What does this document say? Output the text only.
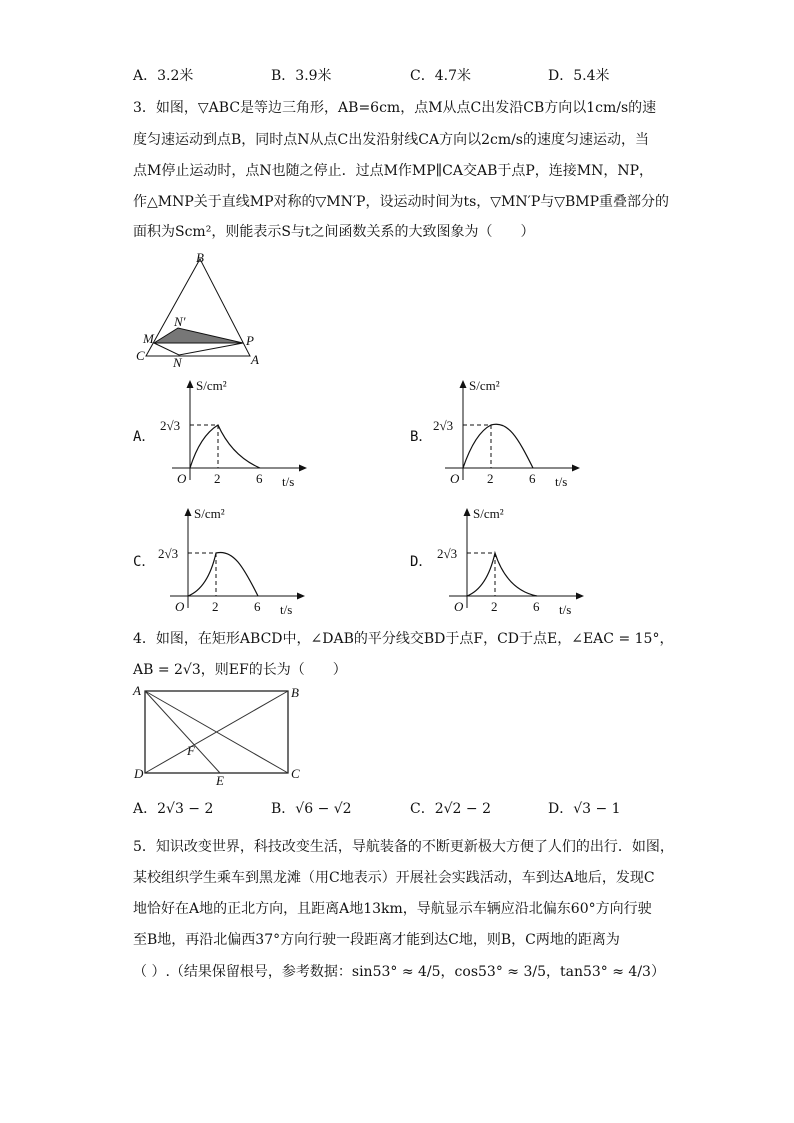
A．3.2米	B．3.9米	C．4.7米	D．5.4米
3．如图，▽ABC是等边三角形，AB=6cm，点M从点C出发沿CB方向以1cm/s的速
度匀速运动到点B，同时点N从点C出发沿射线CA方向以2cm/s的速度匀速运动，当
点M停止运动时，点N也随之停止．过点M作MP∥CA交AB于点P，连接MN，NP，
作△MNP关于直线MP对称的▽MN′P，设运动时间为ts，▽MN′P与▽BMP重叠部分的
面积为Scm²，则能表示S与t之间函数关系的大致图象为（　　）
B
C	A
M	P
N
N′
A．	B．
C．	D．
S/cm²
2√3
O 2	6 t/s
S/cm²
2√3
O 2	6 t/s
S/cm²
2√3
O 2	6 t/s
S/cm²
2√3
O 2	6 t/s
4．如图，在矩形ABCD中，∠DAB的平分线交BD于点F，CD于点E，∠EAC = 15°，
AB = 2√3，则EF的长为（　　）
A	B
C
D	E
F
A．2√3 − 2	B．√6 − √2	C．2√2 − 2	D．√3 − 1
5．知识改变世界，科技改变生活，导航装备的不断更新极大方便了人们的出行．如图，
某校组织学生乘车到黑龙滩（用C地表示）开展社会实践活动，车到达A地后，发现C
地恰好在A地的正北方向，且距离A地13km，导航显示车辆应沿北偏东60°方向行驶
至B地，再沿北偏西37°方向行驶一段距离才能到达C地，则B，C两地的距离为
（ ）.（结果保留根号，参考数据：sin53° ≈ 4/5，cos53° ≈ 3/5，tan53° ≈ 4/3）
